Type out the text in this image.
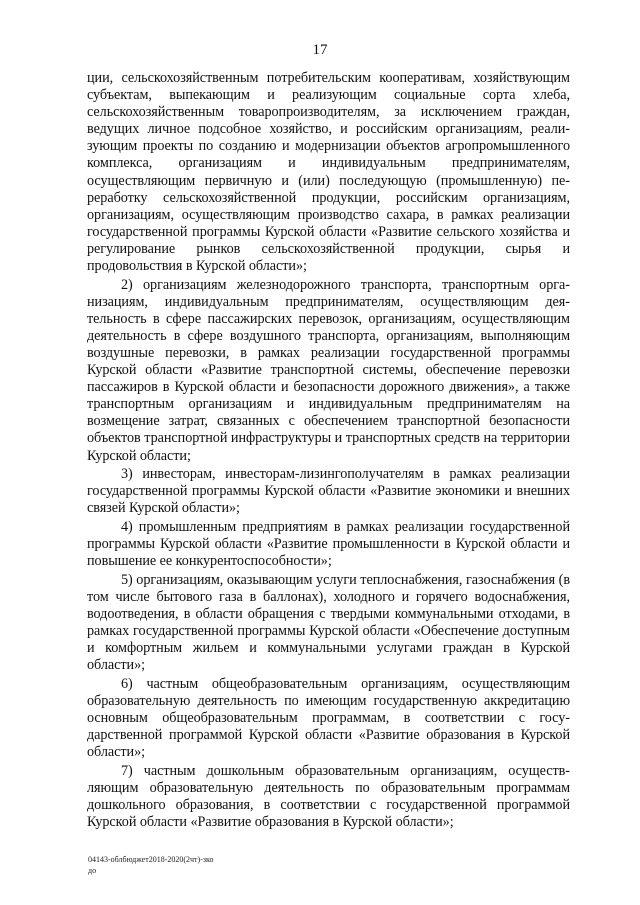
17

ции, сельскохозяйственным потребительским кооперативам, хозяйствующим субъектам, выпекающим и реализующим социальные сорта хлеба, сельскохозяйственным товаропроизводителям, за исключением граждан, ведущих личное подсобное хозяйство, и российским организациям, реализующим проекты по созданию и модернизации объектов агропромышленного комплекса, организациям и индивидуальным предпринимателям, осуществляющим первичную и (или) последующую (промышленную) переработку сельскохозяйственной продукции, российским организациям, организациям, осуществляющим производство сахара, в рамках реализации государственной программы Курской области «Развитие сельского хозяйства и регулирование рынков сельскохозяйственной продукции, сырья и продовольствия в Курской области»;

2) организациям железнодорожного транспорта, транспортным организациям, индивидуальным предпринимателям, осуществляющим деятельность в сфере пассажирских перевозок, организациям, осуществляющим деятельность в сфере воздушного транспорта, организациям, выполняющим воздушные перевозки, в рамках реализации государственной программы Курской области «Развитие транспортной системы, обеспечение перевозки пассажиров в Курской области и безопасности дорожного движения», а также транспортным организациям и индивидуальным предпринимателям на возмещение затрат, связанных с обеспечением транспортной безопасности объектов транспортной инфраструктуры и транспортных средств на территории Курской области;

3) инвесторам, инвесторам-лизингополучателям в рамках реализации государственной программы Курской области «Развитие экономики и внешних связей Курской области»;

4) промышленным предприятиям в рамках реализации государственной программы Курской области «Развитие промышленности в Курской области и повышение ее конкурентоспособности»;

5) организациям, оказывающим услуги теплоснабжения, газоснабжения (в том числе бытового газа в баллонах), холодного и горячего водоснабжения, водоотведения, в области обращения с твердыми коммунальными отходами, в рамках государственной программы Курской области «Обеспечение доступным и комфортным жильем и коммунальными услугами граждан в Курской области»;

6) частным общеобразовательным организациям, осуществляющим образовательную деятельность по имеющим государственную аккредитацию основным общеобразовательным программам, в соответствии с государственной программой Курской области «Развитие образования в Курской области»;

7) частным дошкольным образовательным организациям, осуществляющим образовательную деятельность по образовательным программам дошкольного образования, в соответствии с государственной программой Курской области «Развитие образования в Курской области»;

04143-облбюджет2018-2020(2чт)-зко
до
